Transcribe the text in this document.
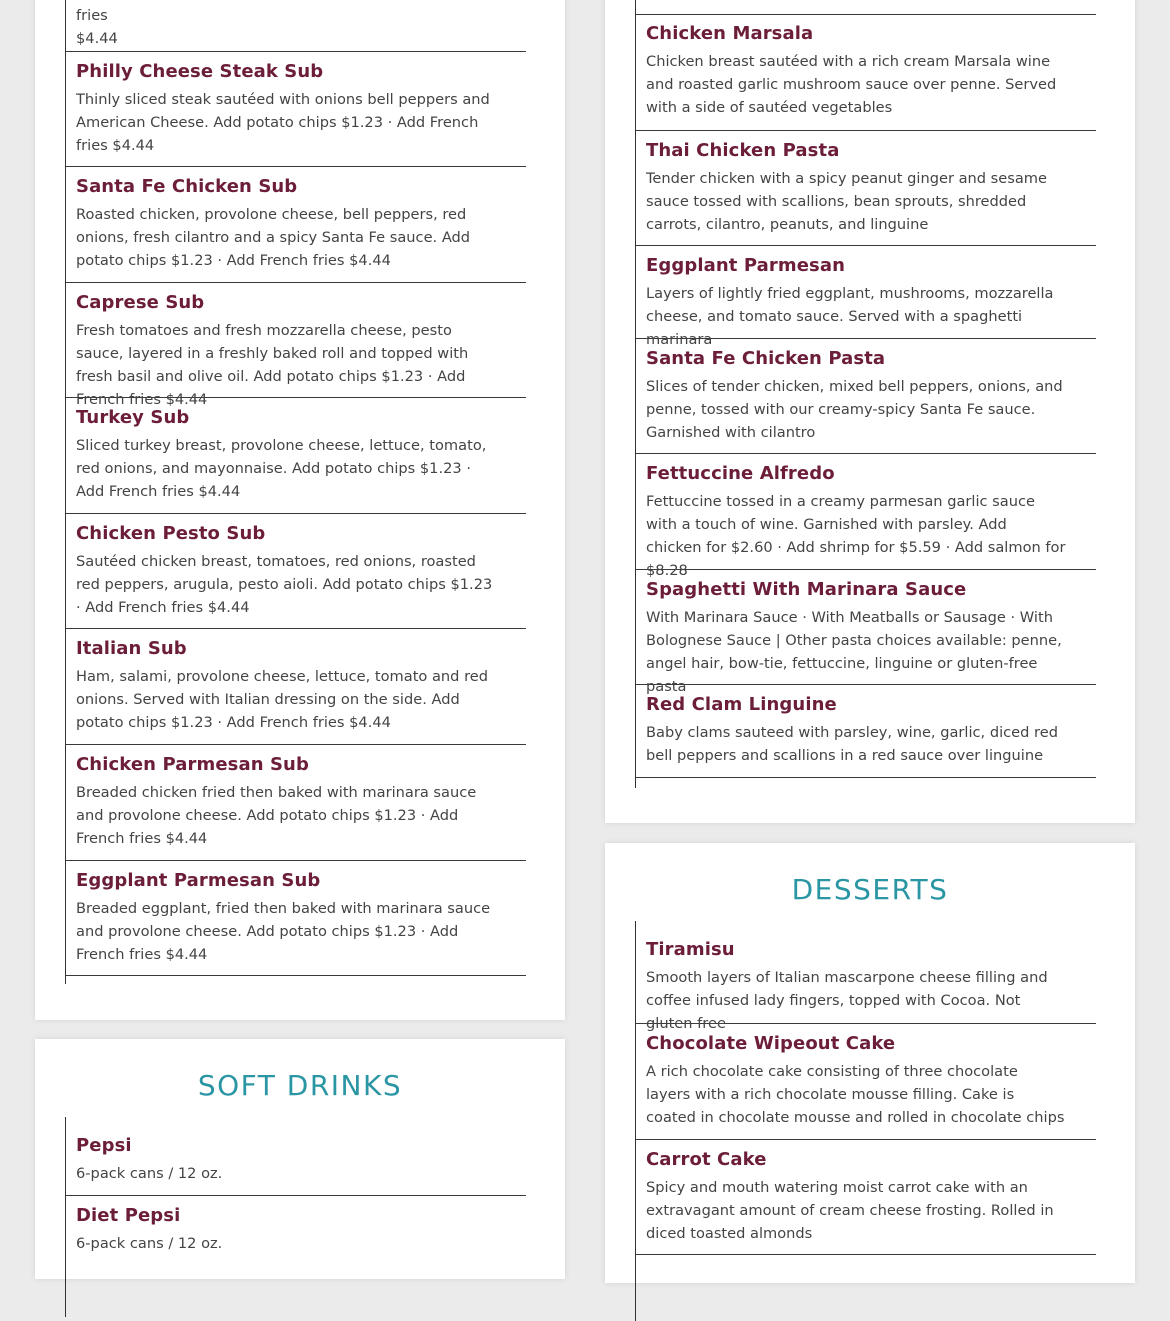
fries
$4.44

Philly Cheese Steak Sub

Thinly sliced steak sautéed with onions bell peppers and American Cheese. Add potato chips $1.23 · Add French fries $4.44

Santa Fe Chicken Sub

Roasted chicken, provolone cheese, bell peppers, red onions, fresh cilantro and a spicy Santa Fe sauce. Add potato chips $1.23 · Add French fries $4.44

Caprese Sub

Fresh tomatoes and fresh mozzarella cheese, pesto sauce, layered in a freshly baked roll and topped with fresh basil and olive oil. Add potato chips $1.23 · Add French fries $4.44

Turkey Sub

Sliced turkey breast, provolone cheese, lettuce, tomato, red onions, and mayonnaise. Add potato chips $1.23 · Add French fries $4.44

Chicken Pesto Sub

Sautéed chicken breast, tomatoes, red onions, roasted red peppers, arugula, pesto aioli. Add potato chips $1.23 · Add French fries $4.44

Italian Sub

Ham, salami, provolone cheese, lettuce, tomato and red onions. Served with Italian dressing on the side. Add potato chips $1.23 · Add French fries $4.44

Chicken Parmesan Sub

Breaded chicken fried then baked with marinara sauce and provolone cheese. Add potato chips $1.23 · Add French fries $4.44

Eggplant Parmesan Sub

Breaded eggplant, fried then baked with marinara sauce and provolone cheese. Add potato chips $1.23 · Add French fries $4.44

SOFT DRINKS
Pepsi

6-pack cans / 12 oz.

Diet Pepsi

6-pack cans / 12 oz.

Chicken Marsala

Chicken breast sautéed with a rich cream Marsala wine and roasted garlic mushroom sauce over penne. Served with a side of sautéed vegetables

Thai Chicken Pasta

Tender chicken with a spicy peanut ginger and sesame sauce tossed with scallions, bean sprouts, shredded carrots, cilantro, peanuts, and linguine

Eggplant Parmesan

Layers of lightly fried eggplant, mushrooms, mozzarella cheese, and tomato sauce. Served with a spaghetti marinara

Santa Fe Chicken Pasta

Slices of tender chicken, mixed bell peppers, onions, and penne, tossed with our creamy-spicy Santa Fe sauce. Garnished with cilantro

Fettuccine Alfredo

Fettuccine tossed in a creamy parmesan garlic sauce with a touch of wine. Garnished with parsley. Add chicken for $2.60 · Add shrimp for $5.59 · Add salmon for $8.28

Spaghetti With Marinara Sauce

With Marinara Sauce · With Meatballs or Sausage · With Bolognese Sauce | Other pasta choices available: penne, angel hair, bow-tie, fettuccine, linguine or gluten-free pasta

Red Clam Linguine

Baby clams sauteed with parsley, wine, garlic, diced red bell peppers and scallions in a red sauce over linguine

DESSERTS
Tiramisu

Smooth layers of Italian mascarpone cheese filling and coffee infused lady fingers, topped with Cocoa. Not gluten free

Chocolate Wipeout Cake

A rich chocolate cake consisting of three chocolate layers with a rich chocolate mousse filling. Cake is coated in chocolate mousse and rolled in chocolate chips

Carrot Cake

Spicy and mouth watering moist carrot cake with an extravagant amount of cream cheese frosting. Rolled in diced toasted almonds
